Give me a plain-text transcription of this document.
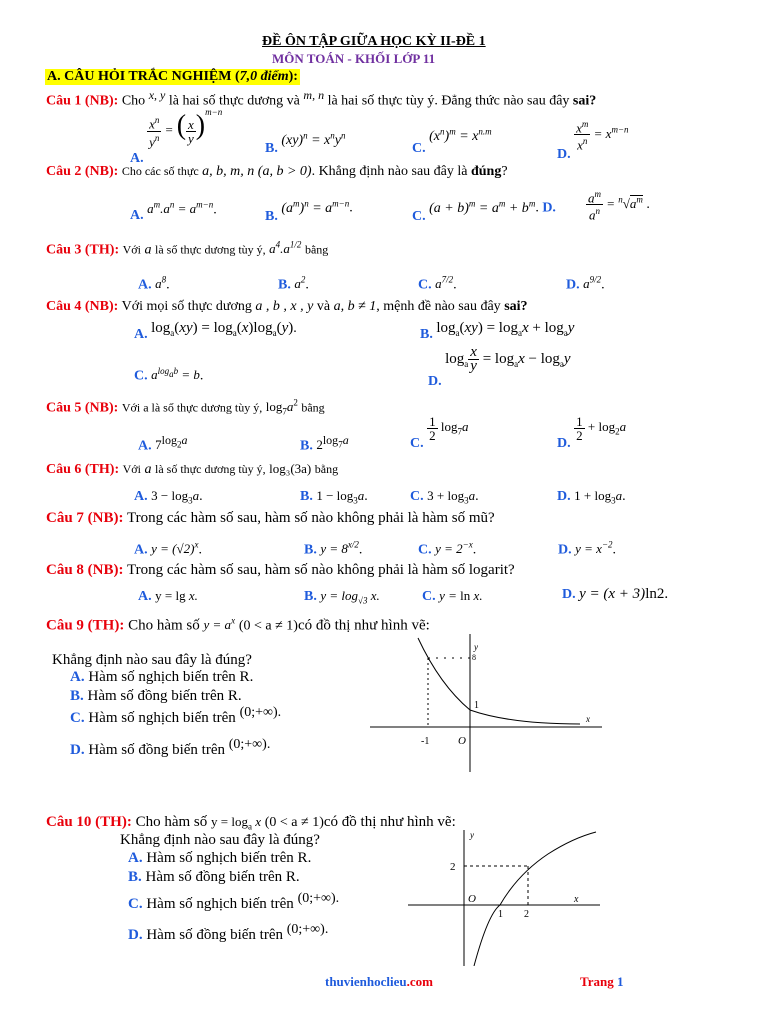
ĐỀ ÔN TẬP GIỮA HỌC KỲ II-ĐỀ 1
MÔN TOÁN - KHỐI LỚP 11
A. CÂU HỎI TRẮC NGHIỆM (7,0 điểm):
Câu 1 (NB): Cho $^{x, y}$ là hai số thực dương và $^{m, n}$ là hai số thực tùy ý. Đẳng thức nào sau đây sai?
A.
$\frac{x^n}{y^n}$ = ( $\frac{x}{y} )^{m-n}$
B. $(xy)^n = x^ny^n$
C. $(x^n)^m = x^{n.m}$
D.
$\frac{x^m}{x^n} = x^{m-n}$
Câu 2 (NB): Cho các số thực a, b, m, n (a, b > 0). Khẳng định nào sau đây là đúng?
A. $a^m.a^n = a^{m-n}$.	B. $(a^m)^n = a^{m-n}$.
C. $(a + b)^m = a^m + b^m$. D. $\frac{a^m}{a^n} = ^n√a^m$ .
Câu 3 (TH): Với a là số thực dương tùy ý, $a^4.a^{1/2}$ bằng
A. $a^8$.	B. $a^2$.	C. $a^{7/2}$.	D. $a^{9/2}$.
Câu 4 (NB): Với mọi số thực dương a , b , x , y và a, b ≠ 1, mệnh đề nào sau đây sai?
A. $\log_a(xy) = \log_a(x)\log_a(y)$.	B. $\log_a(xy) = \log_ax + \log_ay$
C. $a^{log_ab} = b$.	D. $\log_a \frac{x}{y} = \log_ax - \log_ay$
Câu 5 (NB): Với a là số thực dương tùy ý, $\log_7a^2$ bằng
A. $7^{log_2a}$	B. $2^{log_7a}$	C.
$\frac{1}{2} \log_7a$
D.
$\frac{1}{2} + \log_2a$
Câu 6 (TH): Với a là số thực dương tùy ý, log₃(3a) bằng
A. $3 - \log_3a$.	B. $1 - \log_3a$.	C. $3 + \log_3a$.	D. $1 + \log_3a$.
Câu 7 (NB): Trong các hàm số sau, hàm số nào không phải là hàm số mũ?
A. $y = (√2)^x$.	B. $y = 8^{x/2}$.	C. $y = 2^{-x}$.	D. $y = x^{-2}$.
Câu 8 (NB): Trong các hàm số sau, hàm số nào không phải là hàm số logarit?
A. y = lg x.	B. $y = \log_{√3} x$.	C. y = ln x.	D. y = (x + 3)ln2.
Câu 9 (TH): Cho hàm số $y = a^x$ (0 < a ≠ 1)có đồ thị như hình vẽ:
Khẳng định nào sau đây là đúng?
A. Hàm số nghịch biến trên R.
B. Hàm số đồng biến trên R.
C. Hàm số nghịch biến trên (0;+∞).
D. Hàm số đồng biến trên (0;+∞).
y
8
1
x
-1	O
Câu 10 (TH): Cho hàm số $y = \log_a x$ (0 < a ≠ 1)có đồ thị như hình vẽ:
Khẳng định nào sau đây là đúng?
A. Hàm số nghịch biến trên R.
B. Hàm số đồng biến trên R.
C. Hàm số nghịch biến trên (0;+∞).
D. Hàm số đồng biến trên (0;+∞).
y
2
O
1 2
x
thuvienhoclieu.com	Trang 1
